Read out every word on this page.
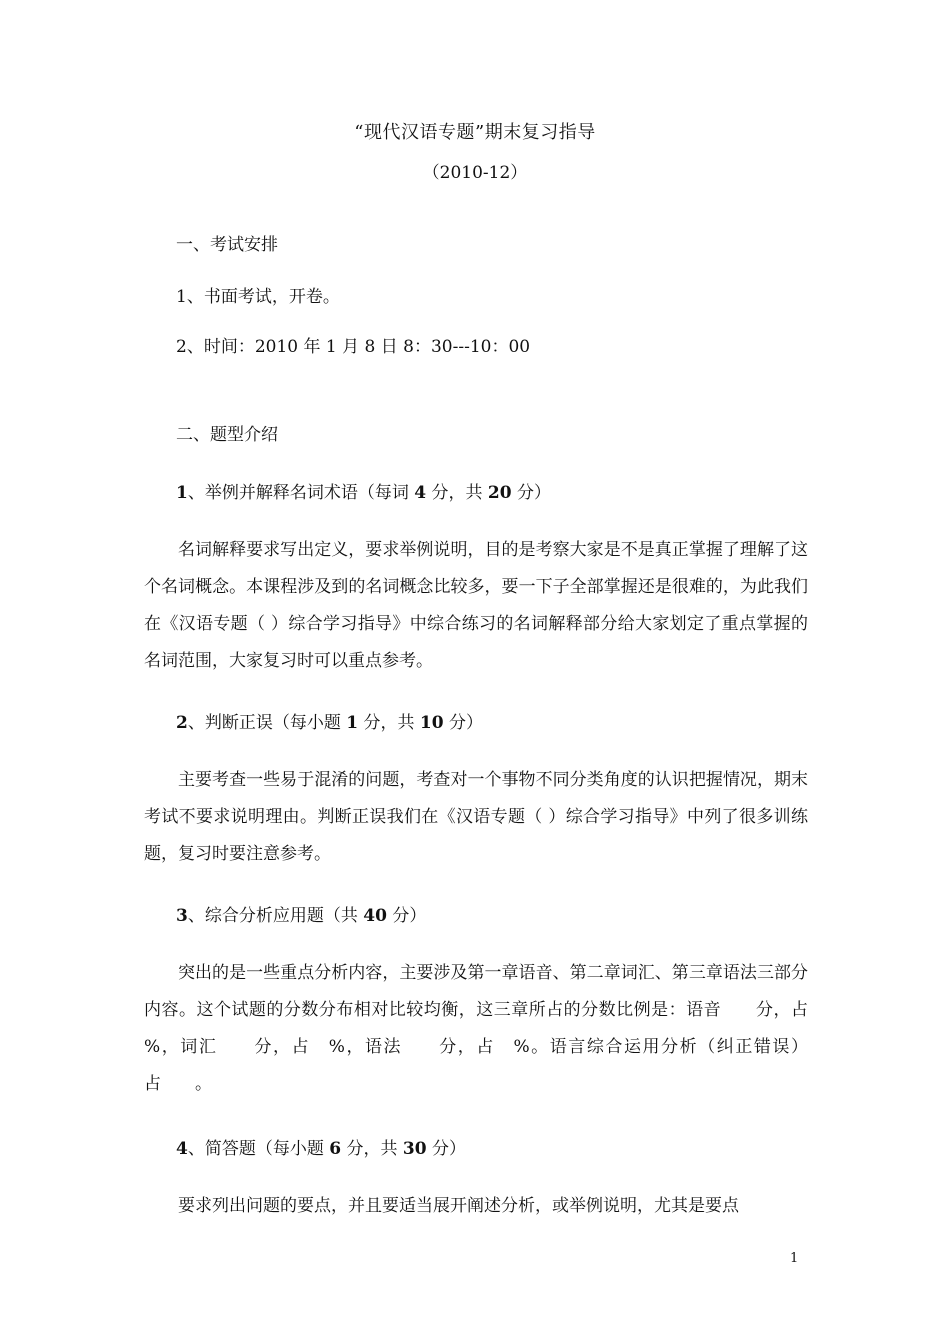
“现代汉语专题”期末复习指导
（2010-12）
一、考试安排
1、书面考试，开卷。
2、时间：2010 年 1 月 8 日 8：30---10：00
二、题型介绍
1、举例并解释名词术语（每词 4 分，共 20 分）

名词解释要求写出定义，要求举例说明，目的是考察大家是不是真正掌握了理解了这个名词概念。本课程涉及到的名词概念比较多，要一下子全部掌握还是很难的，为此我们在《汉语专题（ ）综合学习指导》中综合练习的名词解释部分给大家划定了重点掌握的名词范围，大家复习时可以重点参考。

2、判断正误（每小题 1 分，共 10 分）

主要考查一些易于混淆的问题，考查对一个事物不同分类角度的认识把握情况，期末考试不要求说明理由。判断正误我们在《汉语专题（ ）综合学习指导》中列了很多训练题，复习时要注意参考。

3、综合分析应用题（共 40 分）

突出的是一些重点分析内容，主要涉及第一章语音、第二章词汇、第三章语法三部分内容。这个试题的分数分布相对比较均衡，这三章所占的分数比例是：语音　　分，占　%，词汇　　分，占　%，语法　　分，占　%。语言综合运用分析（纠正错误）占　　。

4、简答题（每小题 6 分，共 30 分）

要求列出问题的要点，并且要适当展开阐述分析，或举例说明，尤其是要点

1
